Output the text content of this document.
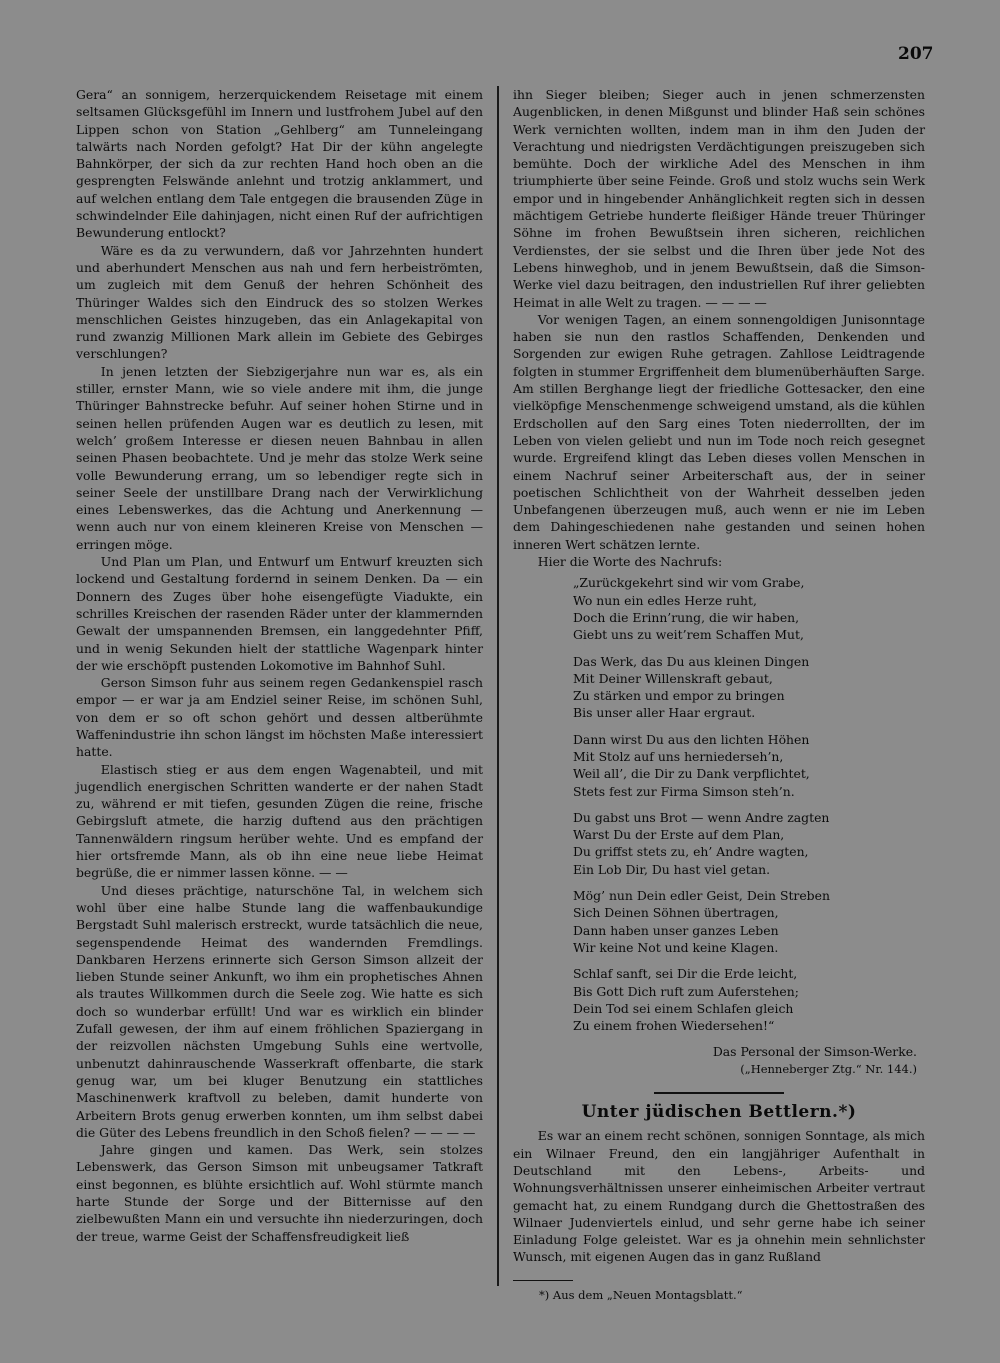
207

Gera“ an sonnigem, herzerquickendem Reisetage mit einem seltsamen Glücksgefühl im Innern und lustfrohem Jubel auf den Lippen schon von Station „Gehlberg“ am Tunneleingang talwärts nach Norden gefolgt? Hat Dir der kühn angelegte Bahnkörper, der sich da zur rechten Hand hoch oben an die gesprengten Felswände anlehnt und trotzig anklammert, und auf welchen entlang dem Tale entgegen die brausenden Züge in schwindelnder Eile dahinjagen, nicht einen Ruf der aufrichtigen Bewunderung entlockt?

Wäre es da zu verwundern, daß vor Jahrzehnten hundert und aberhundert Menschen aus nah und fern herbeiströmten, um zugleich mit dem Genuß der hehren Schönheit des Thüringer Waldes sich den Eindruck des so stolzen Werkes menschlichen Geistes hinzugeben, das ein Anlagekapital von rund zwanzig Millionen Mark allein im Gebiete des Gebirges verschlungen?

In jenen letzten der Siebzigerjahre nun war es, als ein stiller, ernster Mann, wie so viele andere mit ihm, die junge Thüringer Bahnstrecke befuhr. Auf seiner hohen Stirne und in seinen hellen prüfenden Augen war es deutlich zu lesen, mit welch’ großem Interesse er diesen neuen Bahnbau in allen seinen Phasen beobachtete. Und je mehr das stolze Werk seine volle Bewunderung errang, um so lebendiger regte sich in seiner Seele der unstillbare Drang nach der Verwirklichung eines Lebenswerkes, das die Achtung und Anerkennung — wenn auch nur von einem kleineren Kreise von Menschen — erringen möge.

Und Plan um Plan, und Entwurf um Entwurf kreuzten sich lockend und Gestaltung fordernd in seinem Denken. Da — ein Donnern des Zuges über hohe eisengefügte Viadukte, ein schrilles Kreischen der rasenden Räder unter der klammernden Gewalt der umspannenden Bremsen, ein langgedehnter Pfiff, und in wenig Sekunden hielt der stattliche Wagenpark hinter der wie erschöpft pustenden Lokomotive im Bahnhof Suhl.

Gerson Simson fuhr aus seinem regen Gedankenspiel rasch empor — er war ja am Endziel seiner Reise, im schönen Suhl, von dem er so oft schon gehört und dessen altberühmte Waffenindustrie ihn schon längst im höchsten Maße interessiert hatte.

Elastisch stieg er aus dem engen Wagenabteil, und mit jugendlich energischen Schritten wanderte er der nahen Stadt zu, während er mit tiefen, gesunden Zügen die reine, frische Gebirgsluft atmete, die harzig duftend aus den prächtigen Tannenwäldern ringsum herüber wehte. Und es empfand der hier ortsfremde Mann, als ob ihn eine neue liebe Heimat begrüße, die er nimmer lassen könne. — —

Und dieses prächtige, naturschöne Tal, in welchem sich wohl über eine halbe Stunde lang die waffenbaukundige Bergstadt Suhl malerisch erstreckt, wurde tatsächlich die neue, segenspendende Heimat des wandernden Fremdlings. Dankbaren Herzens erinnerte sich Gerson Simson allzeit der lieben Stunde seiner Ankunft, wo ihm ein prophetisches Ahnen als trautes Willkommen durch die Seele zog. Wie hatte es sich doch so wunderbar erfüllt! Und war es wirklich ein blinder Zufall gewesen, der ihm auf einem fröhlichen Spaziergang in der reizvollen nächsten Umgebung Suhls eine wertvolle, unbenutzt dahinrauschende Wasserkraft offenbarte, die stark genug war, um bei kluger Benutzung ein stattliches Maschinenwerk kraftvoll zu beleben, damit hunderte von Arbeitern Brots genug erwerben konnten, um ihm selbst dabei die Güter des Lebens freundlich in den Schoß fielen? — — — —

Jahre gingen und kamen. Das Werk, sein stolzes Lebenswerk, das Gerson Simson mit unbeugsamer Tatkraft einst begonnen, es blühte ersichtlich auf. Wohl stürmte manch harte Stunde der Sorge und der Bitternisse auf den zielbewußten Mann ein und versuchte ihn niederzuringen, doch der treue, warme Geist der Schaffensfreudigkeit ließ

ihn Sieger bleiben; Sieger auch in jenen schmerzensten Augenblicken, in denen Mißgunst und blinder Haß sein schönes Werk vernichten wollten, indem man in ihm den Juden der Verachtung und niedrigsten Verdächtigungen preiszugeben sich bemühte. Doch der wirkliche Adel des Menschen in ihm triumphierte über seine Feinde. Groß und stolz wuchs sein Werk empor und in hingebender Anhänglichkeit regten sich in dessen mächtigem Getriebe hunderte fleißiger Hände treuer Thüringer Söhne im frohen Bewußtsein ihren sicheren, reichlichen Verdienstes, der sie selbst und die Ihren über jede Not des Lebens hinweghob, und in jenem Bewußtsein, daß die Simson-Werke viel dazu beitragen, den industriellen Ruf ihrer geliebten Heimat in alle Welt zu tragen. — — — —

Vor wenigen Tagen, an einem sonnengoldigen Junisonntage haben sie nun den rastlos Schaffenden, Denkenden und Sorgenden zur ewigen Ruhe getragen. Zahllose Leidtragende folgten in stummer Ergriffenheit dem blumenüberhäuften Sarge. Am stillen Berghange liegt der friedliche Gottesacker, den eine vielköpfige Menschenmenge schweigend umstand, als die kühlen Erdschollen auf den Sarg eines Toten niederrollten, der im Leben von vielen geliebt und nun im Tode noch reich gesegnet wurde. Ergreifend klingt das Leben dieses vollen Menschen in einem Nachruf seiner Arbeiterschaft aus, der in seiner poetischen Schlichtheit von der Wahrheit desselben jeden Unbefangenen überzeugen muß, auch wenn er nie im Leben dem Dahingeschiedenen nahe gestanden und seinen hohen inneren Wert schätzen lernte.

Hier die Worte des Nachrufs:

„Zurückgekehrt sind wir vom Grabe,
Wo nun ein edles Herze ruht,
Doch die Erinn’rung, die wir haben,
Giebt uns zu weit’rem Schaffen Mut,
Das Werk, das Du aus kleinen Dingen
Mit Deiner Willenskraft gebaut,
Zu stärken und empor zu bringen
Bis unser aller Haar ergraut.
Dann wirst Du aus den lichten Höhen
Mit Stolz auf uns herniederseh’n,
Weil all’, die Dir zu Dank verpflichtet,
Stets fest zur Firma Simson steh’n.
Du gabst uns Brot — wenn Andre zagten
Warst Du der Erste auf dem Plan,
Du griffst stets zu, eh’ Andre wagten,
Ein Lob Dir, Du hast viel getan.
Mög’ nun Dein edler Geist, Dein Streben
Sich Deinen Söhnen übertragen,
Dann haben unser ganzes Leben
Wir keine Not und keine Klagen.
Schlaf sanft, sei Dir die Erde leicht,
Bis Gott Dich ruft zum Auferstehen;
Dein Tod sei einem Schlafen gleich
Zu einem frohen Wiedersehen!“

Das Personal der Simson-Werke.

(„Henneberger Ztg.“ Nr. 144.)

Unter jüdischen Bettlern.*)

Es war an einem recht schönen, sonnigen Sonntage, als mich ein Wilnaer Freund, den ein langjähriger Aufenthalt in Deutschland mit den Lebens-, Arbeits- und Wohnungsverhältnissen unserer einheimischen Arbeiter vertraut gemacht hat, zu einem Rundgang durch die Ghettostraßen des Wilnaer Judenviertels einlud, und sehr gerne habe ich seiner Einladung Folge geleistet. War es ja ohnehin mein sehnlichster Wunsch, mit eigenen Augen das in ganz Rußland

*) Aus dem „Neuen Montagsblatt.“
